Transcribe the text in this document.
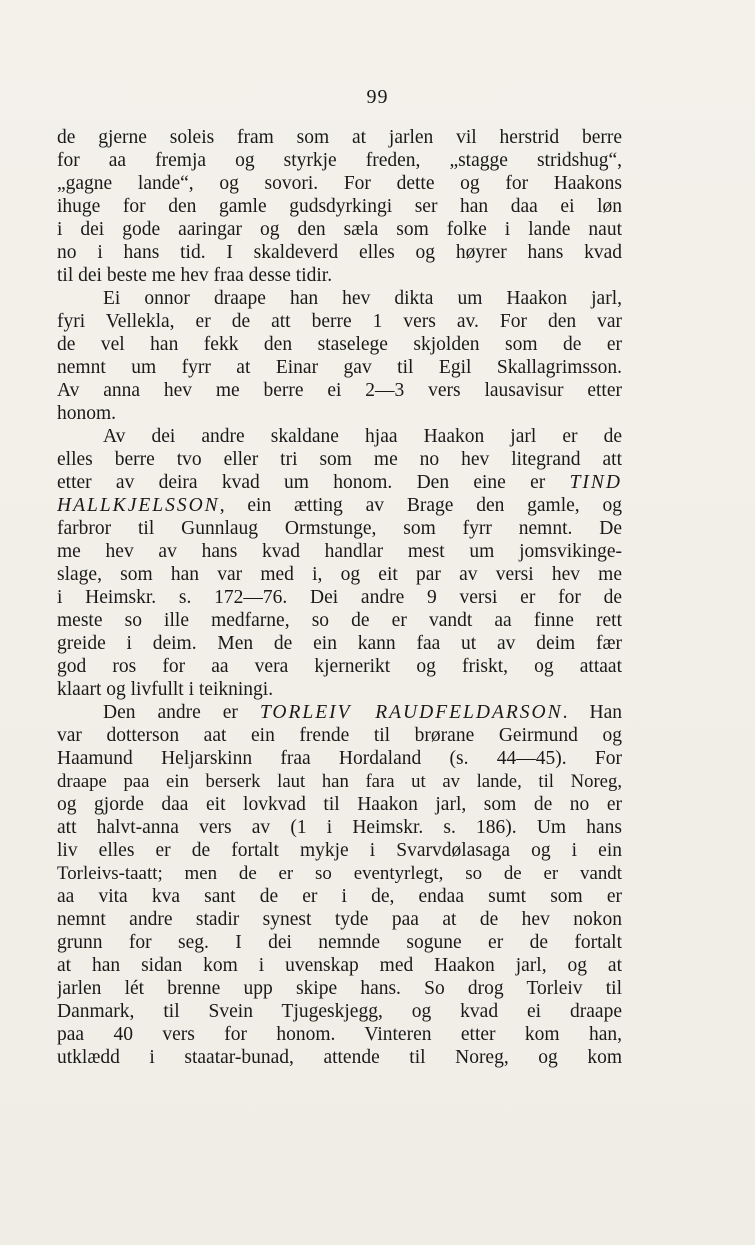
99
de gjerne soleis fram som at jarlen vil herstrid berre
for aa fremja og styrkje freden, „stagge stridshug“,
„gagne lande“, og sovori. For dette og for Haakons
ihuge for den gamle gudsdyrkingi ser han daa ei løn
i dei gode aaringar og den sæla som folke i lande naut
no i hans tid. I skaldeverd elles og høyrer hans kvad
til dei beste me hev fraa desse tidir.
Ei onnor draape han hev dikta um Haakon jarl,
fyri Vellekla, er de att berre 1 vers av. For den var
de vel han fekk den staselege skjolden som de er
nemnt um fyrr at Einar gav til Egil Skallagrimsson.
Av anna hev me berre ei 2—3 vers lausavisur etter
honom.
Av dei andre skaldane hjaa Haakon jarl er de
elles berre tvo eller tri som me no hev litegrand att
etter av deira kvad um honom. Den eine er TIND
HALLKJELSSON, ein ætting av Brage den gamle, og
farbror til Gunnlaug Ormstunge, som fyrr nemnt. De
me hev av hans kvad handlar mest um jomsvikinge-
slage, som han var med i, og eit par av versi hev me
i Heimskr. s. 172—76. Dei andre 9 versi er for de
meste so ille medfarne, so de er vandt aa finne rett
greide i deim. Men de ein kann faa ut av deim fær
god ros for aa vera kjernerikt og friskt, og attaat
klaart og livfullt i teikningi.
Den andre er TORLEIV RAUDFELDARSON. Han
var dotterson aat ein frende til brørane Geirmund og
Haamund Heljarskinn fraa Hordaland (s. 44—45). For
draape paa ein berserk laut han fara ut av lande, til Noreg,
og gjorde daa eit lovkvad til Haakon jarl, som de no er
att halvt-anna vers av (1 i Heimskr. s. 186). Um hans
liv elles er de fortalt mykje i Svarvdølasaga og i ein
Torleivs-taatt; men de er so eventyrlegt, so de er vandt
aa vita kva sant de er i de, endaa sumt som er
nemnt andre stadir synest tyde paa at de hev nokon
grunn for seg. I dei nemnde sogune er de fortalt
at han sidan kom i uvenskap med Haakon jarl, og at
jarlen lét brenne upp skipe hans. So drog Torleiv til
Danmark, til Svein Tjugeskjegg, og kvad ei draape
paa 40 vers for honom. Vinteren etter kom han,
utklædd i staatar-bunad, attende til Noreg, og kom
